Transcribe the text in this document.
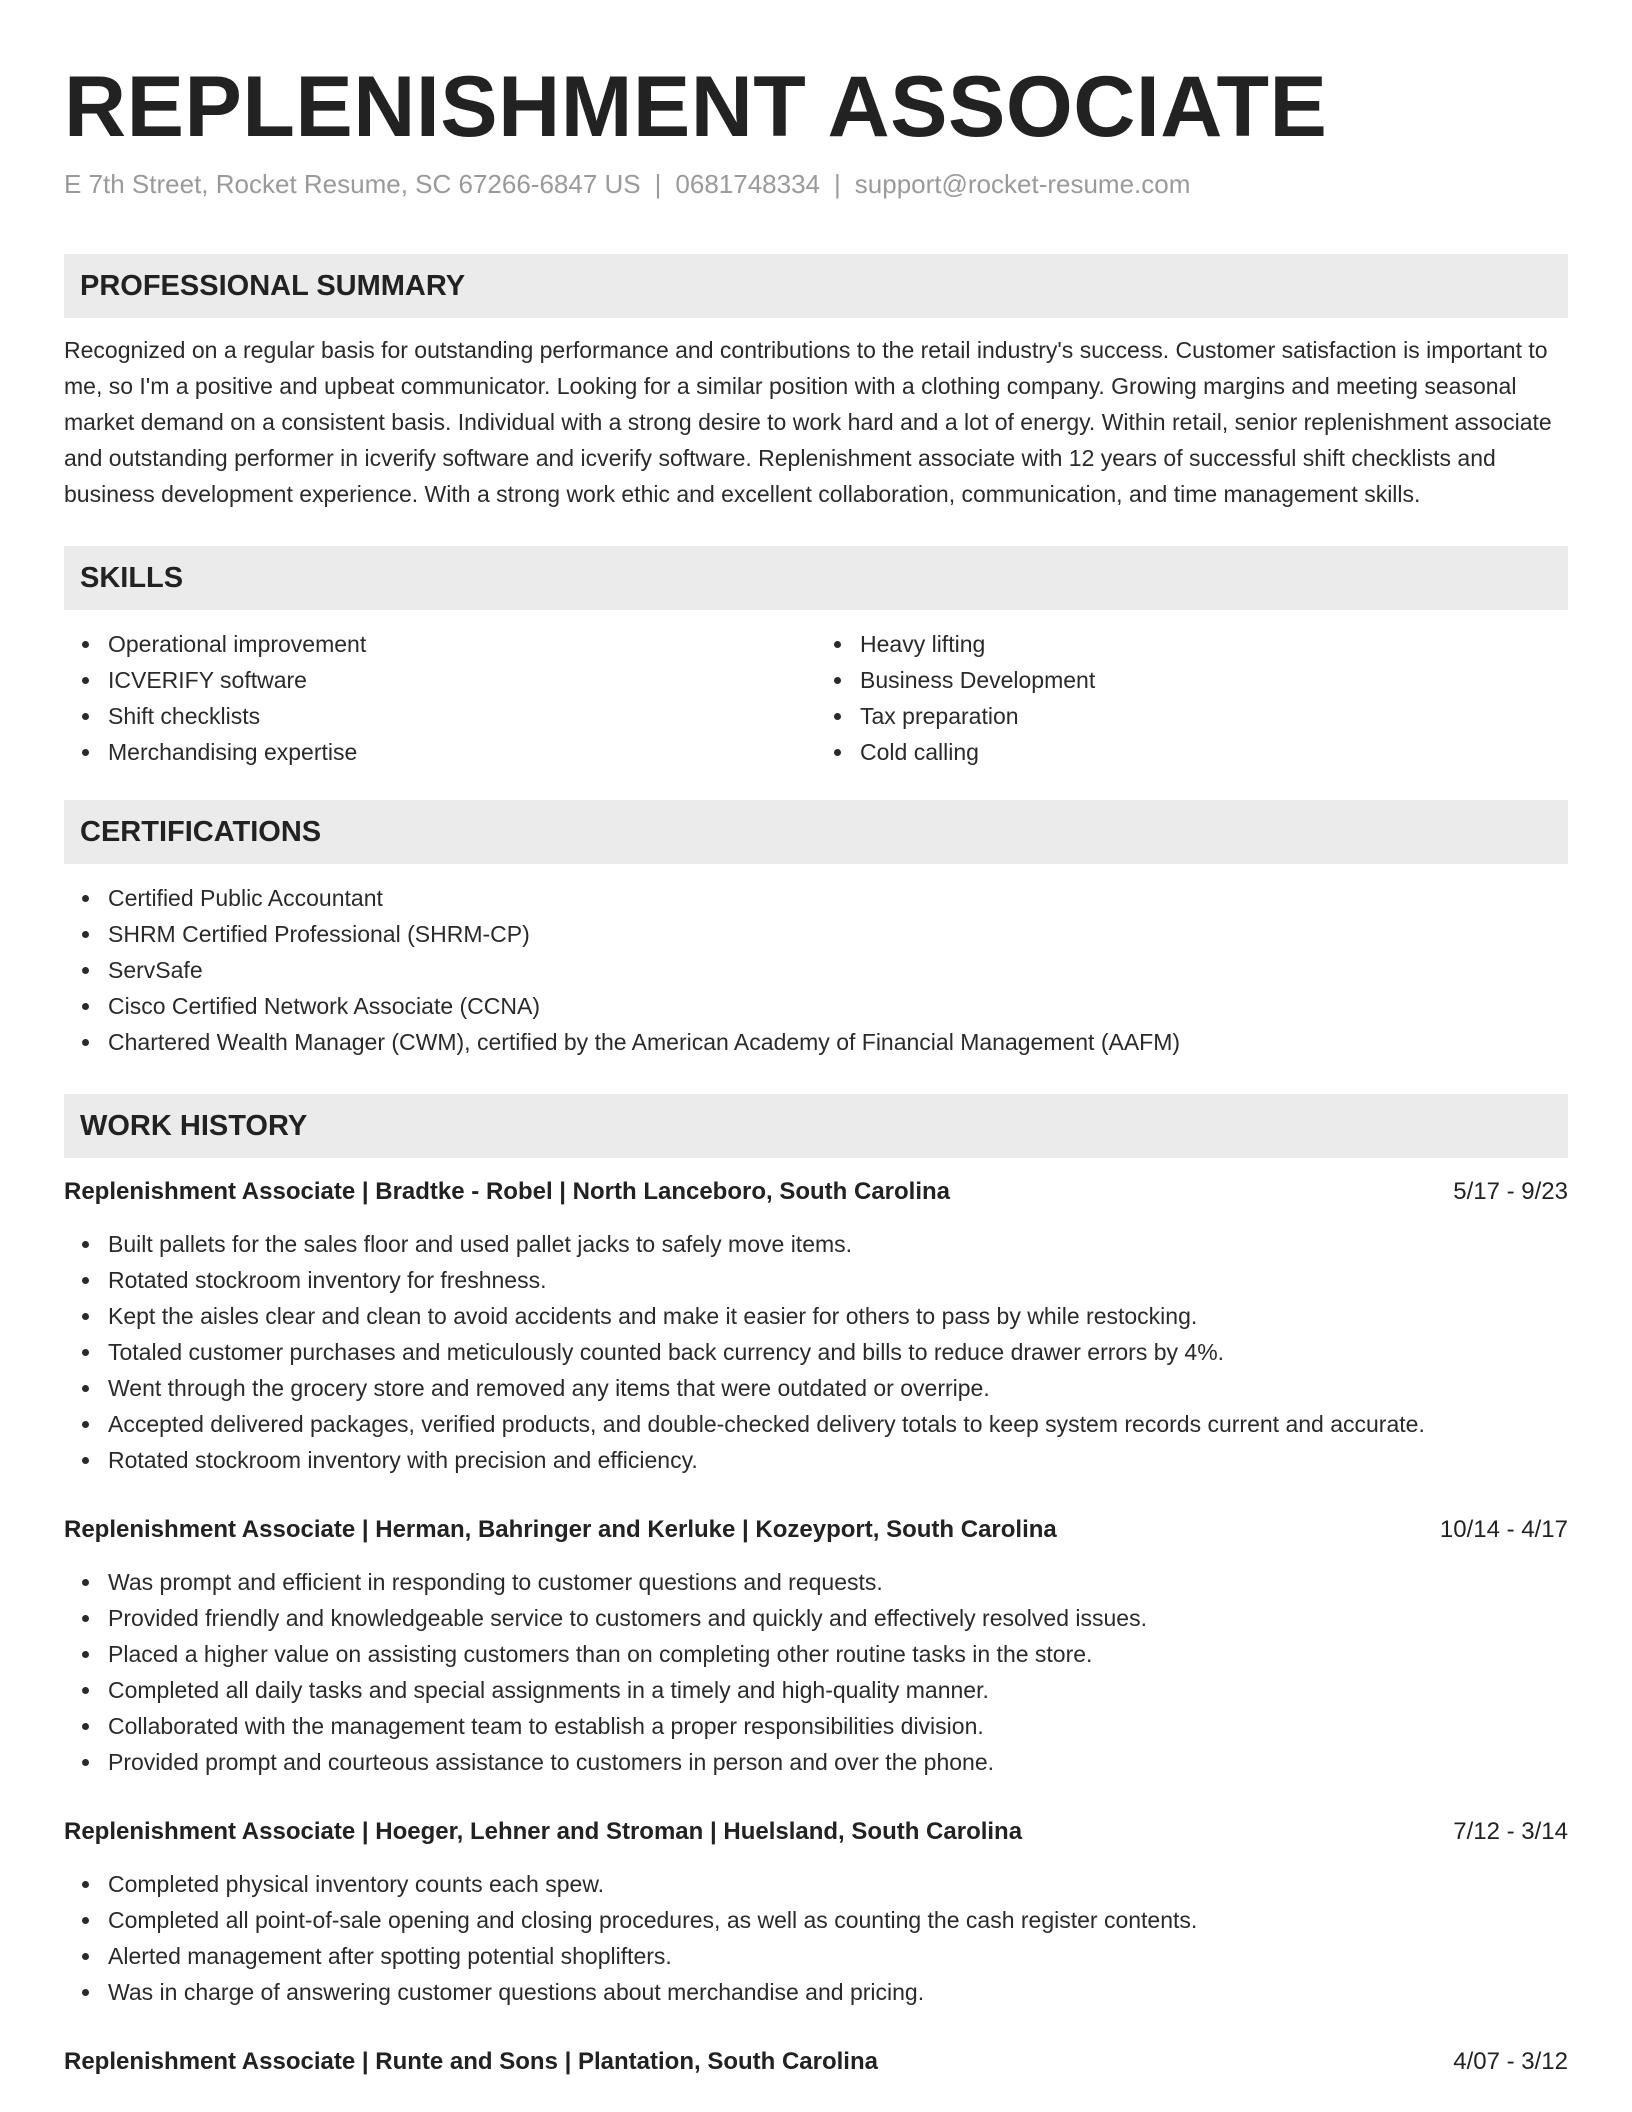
REPLENISHMENT ASSOCIATE
E 7th Street, Rocket Resume, SC 67266-6847 US | 0681748334 | support@rocket-resume.com
PROFESSIONAL SUMMARY
Recognized on a regular basis for outstanding performance and contributions to the retail industry's success. Customer satisfaction is important to me, so I'm a positive and upbeat communicator. Looking for a similar position with a clothing company. Growing margins and meeting seasonal market demand on a consistent basis. Individual with a strong desire to work hard and a lot of energy. Within retail, senior replenishment associate and outstanding performer in icverify software and icverify software. Replenishment associate with 12 years of successful shift checklists and business development experience. With a strong work ethic and excellent collaboration, communication, and time management skills.
SKILLS
Operational improvement
ICVERIFY software
Shift checklists
Merchandising expertise
Heavy lifting
Business Development
Tax preparation
Cold calling
CERTIFICATIONS
Certified Public Accountant
SHRM Certified Professional (SHRM-CP)
ServSafe
Cisco Certified Network Associate (CCNA)
Chartered Wealth Manager (CWM), certified by the American Academy of Financial Management (AAFM)
WORK HISTORY
Replenishment Associate | Bradtke - Robel | North Lanceboro, South Carolina	5/17 - 9/23
Built pallets for the sales floor and used pallet jacks to safely move items.
Rotated stockroom inventory for freshness.
Kept the aisles clear and clean to avoid accidents and make it easier for others to pass by while restocking.
Totaled customer purchases and meticulously counted back currency and bills to reduce drawer errors by 4%.
Went through the grocery store and removed any items that were outdated or overripe.
Accepted delivered packages, verified products, and double-checked delivery totals to keep system records current and accurate.
Rotated stockroom inventory with precision and efficiency.
Replenishment Associate | Herman, Bahringer and Kerluke | Kozeyport, South Carolina	10/14 - 4/17
Was prompt and efficient in responding to customer questions and requests.
Provided friendly and knowledgeable service to customers and quickly and effectively resolved issues.
Placed a higher value on assisting customers than on completing other routine tasks in the store.
Completed all daily tasks and special assignments in a timely and high-quality manner.
Collaborated with the management team to establish a proper responsibilities division.
Provided prompt and courteous assistance to customers in person and over the phone.
Replenishment Associate | Hoeger, Lehner and Stroman | Huelsland, South Carolina	7/12 - 3/14
Completed physical inventory counts each spew.
Completed all point-of-sale opening and closing procedures, as well as counting the cash register contents.
Alerted management after spotting potential shoplifters.
Was in charge of answering customer questions about merchandise and pricing.
Replenishment Associate | Runte and Sons | Plantation, South Carolina	4/07 - 3/12
